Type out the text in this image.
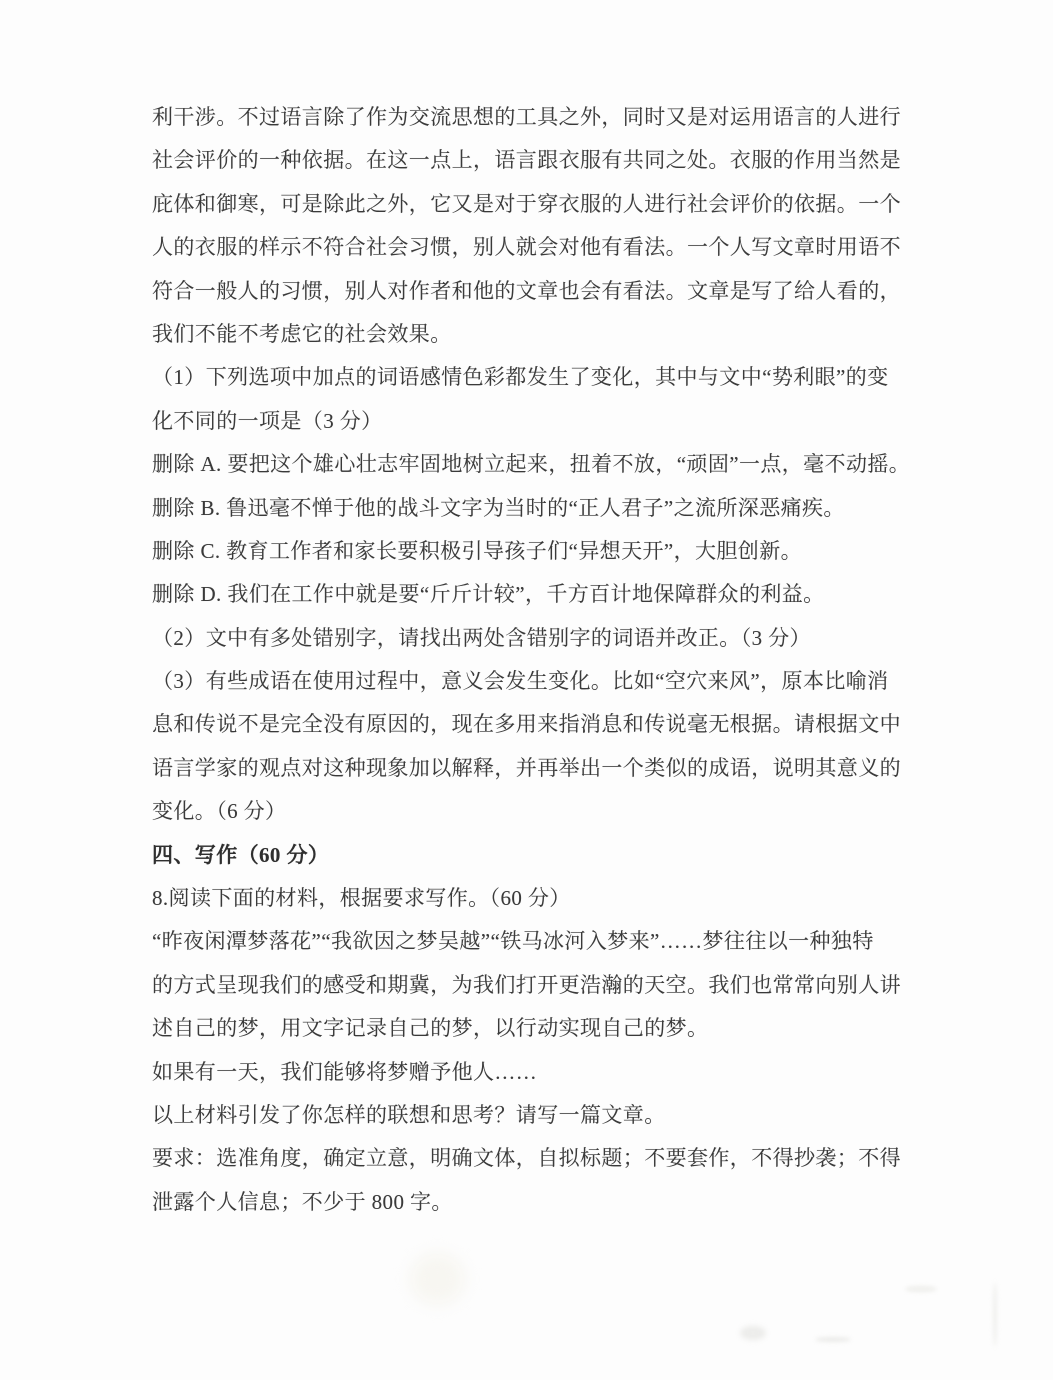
利干涉。不过语言除了作为交流思想的工具之外，同时又是对运用语言的人进行
社会评价的一种依据。在这一点上，语言跟衣服有共同之处。衣服的作用当然是
庇体和御寒，可是除此之外，它又是对于穿衣服的人进行社会评价的依据。一个
人的衣服的样示不符合社会习惯，别人就会对他有看法。一个人写文章时用语不
符合一般人的习惯，别人对作者和他的文章也会有看法。文章是写了给人看的，
我们不能不考虑它的社会效果。
（1）下列选项中加点的词语感情色彩都发生了变化，其中与文中“势利眼”的变
化不同的一项是（3 分）
删除 A. 要把这个雄心壮志牢固地树立起来，扭着不放，“顽固”一点，毫不动摇。
删除 B. 鲁迅毫不惮于他的战斗文字为当时的“正人君子”之流所深恶痛疾。
删除 C. 教育工作者和家长要积极引导孩子们“异想天开”，大胆创新。
删除 D. 我们在工作中就是要“斤斤计较”，千方百计地保障群众的利益。
（2）文中有多处错别字，请找出两处含错别字的词语并改正。（3 分）
（3）有些成语在使用过程中，意义会发生变化。比如“空穴来风”，原本比喻消
息和传说不是完全没有原因的，现在多用来指消息和传说毫无根据。请根据文中
语言学家的观点对这种现象加以解释，并再举出一个类似的成语，说明其意义的
变化。（6 分）
四、写作（60 分）
8.阅读下面的材料，根据要求写作。（60 分）
“昨夜闲潭梦落花”“我欲因之梦吴越”“铁马冰河入梦来”……梦往往以一种独特
的方式呈现我们的感受和期冀，为我们打开更浩瀚的天空。我们也常常向别人讲
述自己的梦，用文字记录自己的梦，以行动实现自己的梦。
如果有一天，我们能够将梦赠予他人……
以上材料引发了你怎样的联想和思考？请写一篇文章。
要求：选准角度，确定立意，明确文体，自拟标题；不要套作，不得抄袭；不得
泄露个人信息；不少于 800 字。
